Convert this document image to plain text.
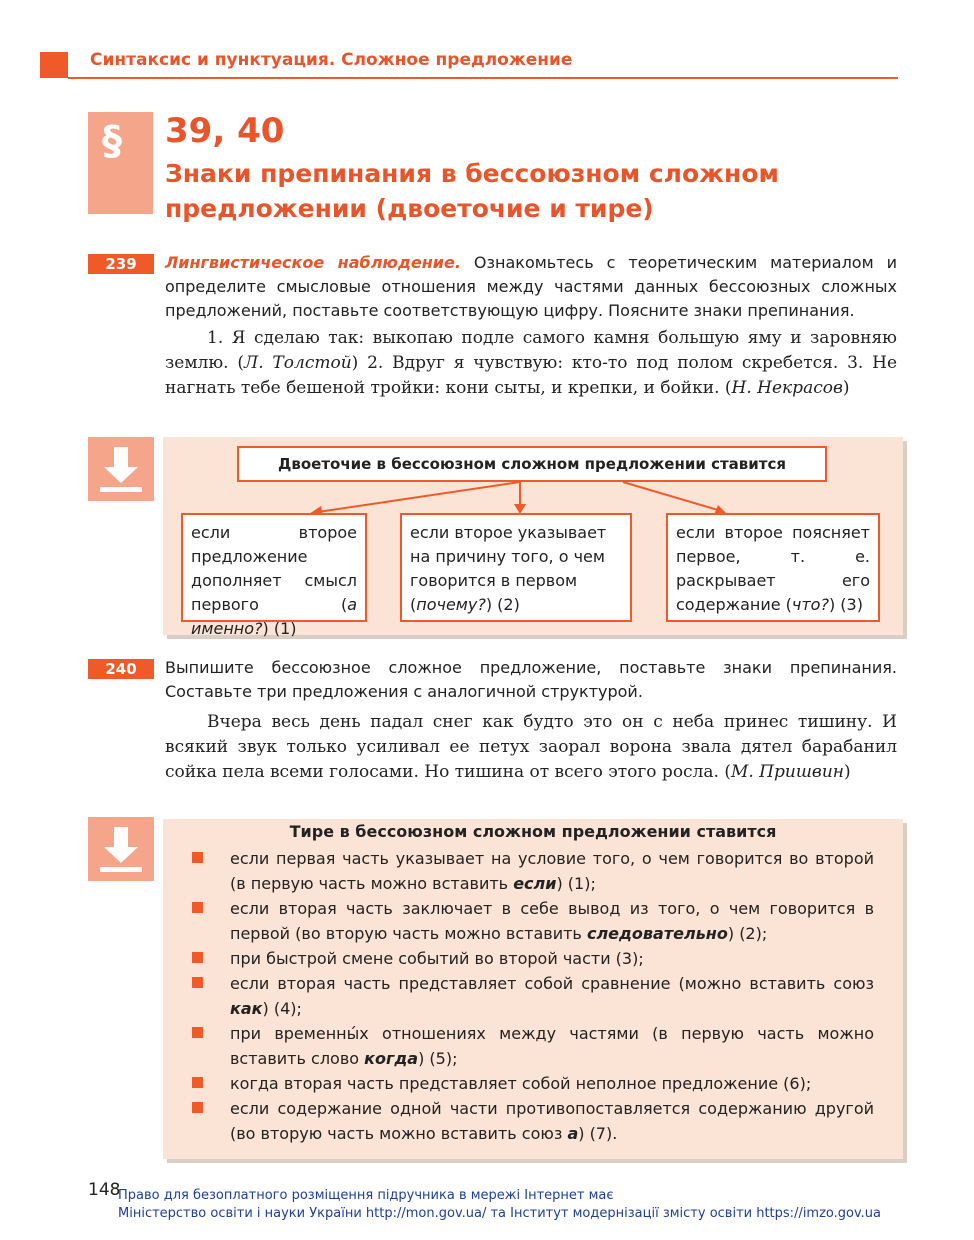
Синтаксис и пунктуация. Сложное предложение
§ 39, 40
Знаки препинания в бессоюзном сложном предложении (двоеточие и тире)
239	Лингвистическое наблюдение. Ознакомьтесь с теоретическим материалом и определите смысловые отношения между частями данных бессоюзных сложных предложений, поставьте соответствующую цифру. Поясните знаки препинания.
1. Я сделаю так: выкопаю подле самого камня большую яму и заровняю землю. (Л. Толстой) 2. Вдруг я чувствую: кто-то под полом скребется. 3. Не нагнать тебе бешеной тройки: кони сыты, и крепки, и бойки. (Н. Некрасов)
Двоеточие в бессоюзном сложном предложении ставится
если второе предложение дополняет смысл первого (а именно?) (1)
если второе указывает на причину того, о чем говорится в первом (почему?) (2)
если второе поясняет первое, т. е. раскрывает его содержание (что?) (3)
240	Выпишите бессоюзное сложное предложение, поставьте знаки препинания. Составьте три предложения с аналогичной структурой.
Вчера весь день падал снег как будто это он с неба принес тишину. И всякий звук только усиливал ее петух заорал ворона звала дятел барабанил сойка пела всеми голосами. Но тишина от всего этого росла. (М. Пришвин)
Тире в бессоюзном сложном предложении ставится
если первая часть указывает на условие того, о чем говорится во второй (в первую часть можно вставить если) (1);
если вторая часть заключает в себе вывод из того, о чем говорится в первой (во вторую часть можно вставить следовательно) (2);
при быстрой смене событий во второй части (3);
если вторая часть представляет собой сравнение (можно вставить союз как) (4);
при временны́х отношениях между частями (в первую часть можно вставить слово когда) (5);
когда вторая часть представляет собой неполное предложение (6);
если содержание одной части противопоставляется содержанию другой (во вторую часть можно вставить союз а) (7).
148
Право для безоплатного розміщення підручника в мережі Інтернет має
Міністерство освіти і науки України http://mon.gov.ua/ та Інститут модернізації змісту освіти https://imzo.gov.ua
